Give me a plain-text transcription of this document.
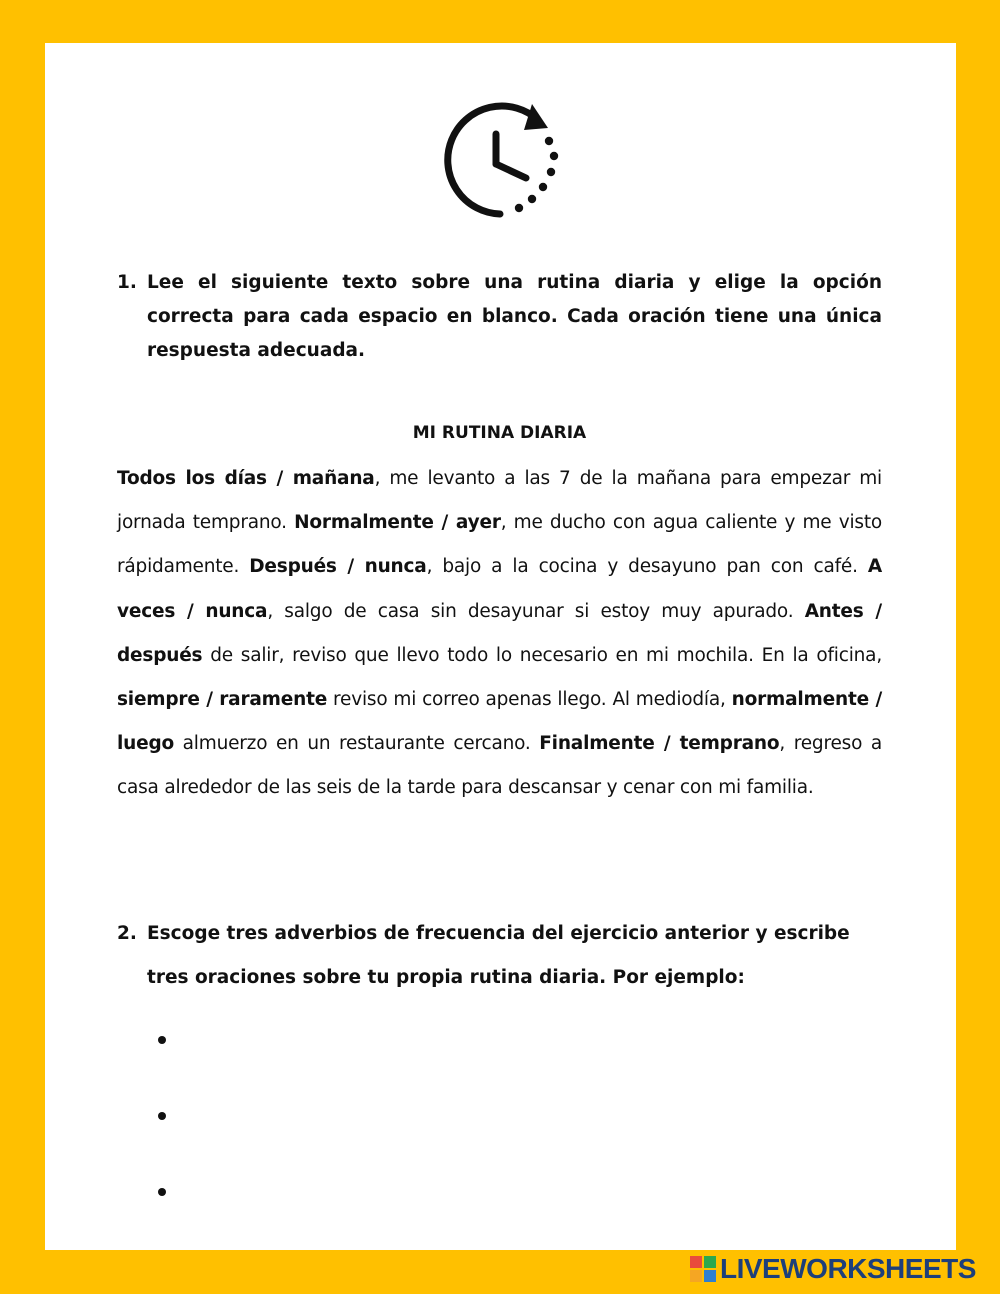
1. Lee el siguiente texto sobre una rutina diaria y elige la opción correcta para cada espacio en blanco. Cada oración tiene una única respuesta adecuada.
MI RUTINA DIARIA
Todos los días / mañana, me levanto a las 7 de la mañana para empezar mi jornada temprano. Normalmente / ayer, me ducho con agua caliente y me visto rápidamente. Después / nunca, bajo a la cocina y desayuno pan con café. A veces / nunca, salgo de casa sin desayunar si estoy muy apurado. Antes / después de salir, reviso que llevo todo lo necesario en mi mochila. En la oficina, siempre / raramente reviso mi correo apenas llego. Al mediodía, normalmente / luego almuerzo en un restaurante cercano. Finalmente / temprano, regreso a casa alrededor de las seis de la tarde para descansar y cenar con mi familia.
2. Escoge tres adverbios de frecuencia del ejercicio anterior y escribe tres oraciones sobre tu propia rutina diaria. Por ejemplo:
LIVEWORKSHEETS
